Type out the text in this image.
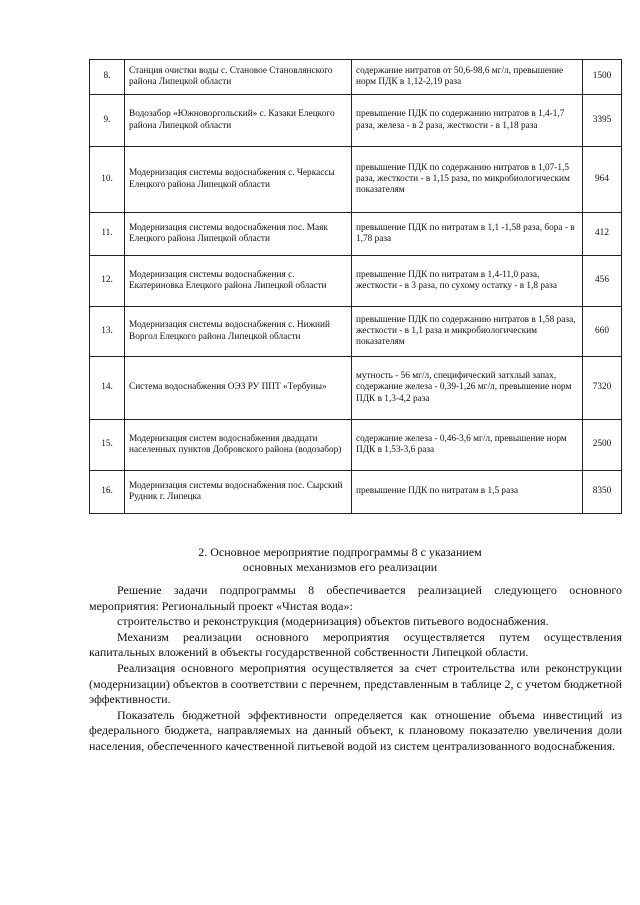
8.	Станция очистки воды с. Становое Становлянского района Липецкой области	содержание нитратов от 50,6-98,6 мг/л, превышение норм ПДК в 1,12-2,19 раза	1500
9.	Водозабор «Южноворгольский» с. Казаки Елецкого района Липецкой области	превышение ПДК по содержанию нитратов в 1,4-1,7 раза, железа - в 2 раза, жесткости - в 1,18 раза	3395
10.	Модернизация системы водоснабжения с. Черкассы Елецкого района Липецкой области	превышение ПДК по содержанию нитратов в 1,07-1,5 раза, жесткости - в 1,15 раза, по микробиологическим показателям	964
11.	Модернизация системы водоснабжения пос. Маяк Елецкого района Липецкой области	превышение ПДК по нитратам в 1,1 -1,58 раза, бора - в 1,78 раза	412
12.	Модернизация системы водоснабжения с. Екатериновка Елецкого района Липецкой области	превышение ПДК по нитратам в 1,4-11,0 раза, жесткости - в 3 раза, по сухому остатку - в 1,8 раза	456
13.	Модернизация системы водоснабжения с. Нижний Воргол Елецкого района Липецкой области	превышение ПДК по содержанию нитратов в 1,58 раза, жесткости - в 1,1 раза и микробиологическим показателям	660
14.	Система водоснабжения ОЭЗ РУ ППТ «Тербуны»	мутность - 56 мг/л, специфический затхлый запах, содержание железа - 0,39-1,26 мг/л, превышение норм ПДК в 1,3-4,2 раза	7320
15.	Модернизация систем водоснабжения двадцати населенных пунктов Добровского района (водозабор)	содержание железа - 0,46-3,6 мг/л, превышение норм ПДК в 1,53-3,6 раза	2500
16.	Модернизация системы водоснабжения пос. Сырский Рудник г. Липецка	превышение ПДК по нитратам в 1,5 раза	8350
2. Основное мероприятие подпрограммы 8 с указанием
основных механизмов его реализации

Решение задачи подпрограммы 8 обеспечивается реализацией следующего основного мероприятия: Региональный проект «Чистая вода»:

строительство и реконструкция (модернизация) объектов питьевого водоснабжения.

Механизм реализации основного мероприятия осуществляется путем осуществления капитальных вложений в объекты государственной собственности Липецкой области.

Реализация основного мероприятия осуществляется за счет строительства или реконструкции (модернизации) объектов в соответствии с перечнем, представленным в таблице 2, с учетом бюджетной эффективности.

Показатель бюджетной эффективности определяется как отношение объема инвестиций из федерального бюджета, направляемых на данный объект, к плановому показателю увеличения доли населения, обеспеченного качественной питьевой водой из систем централизованного водоснабжения.
